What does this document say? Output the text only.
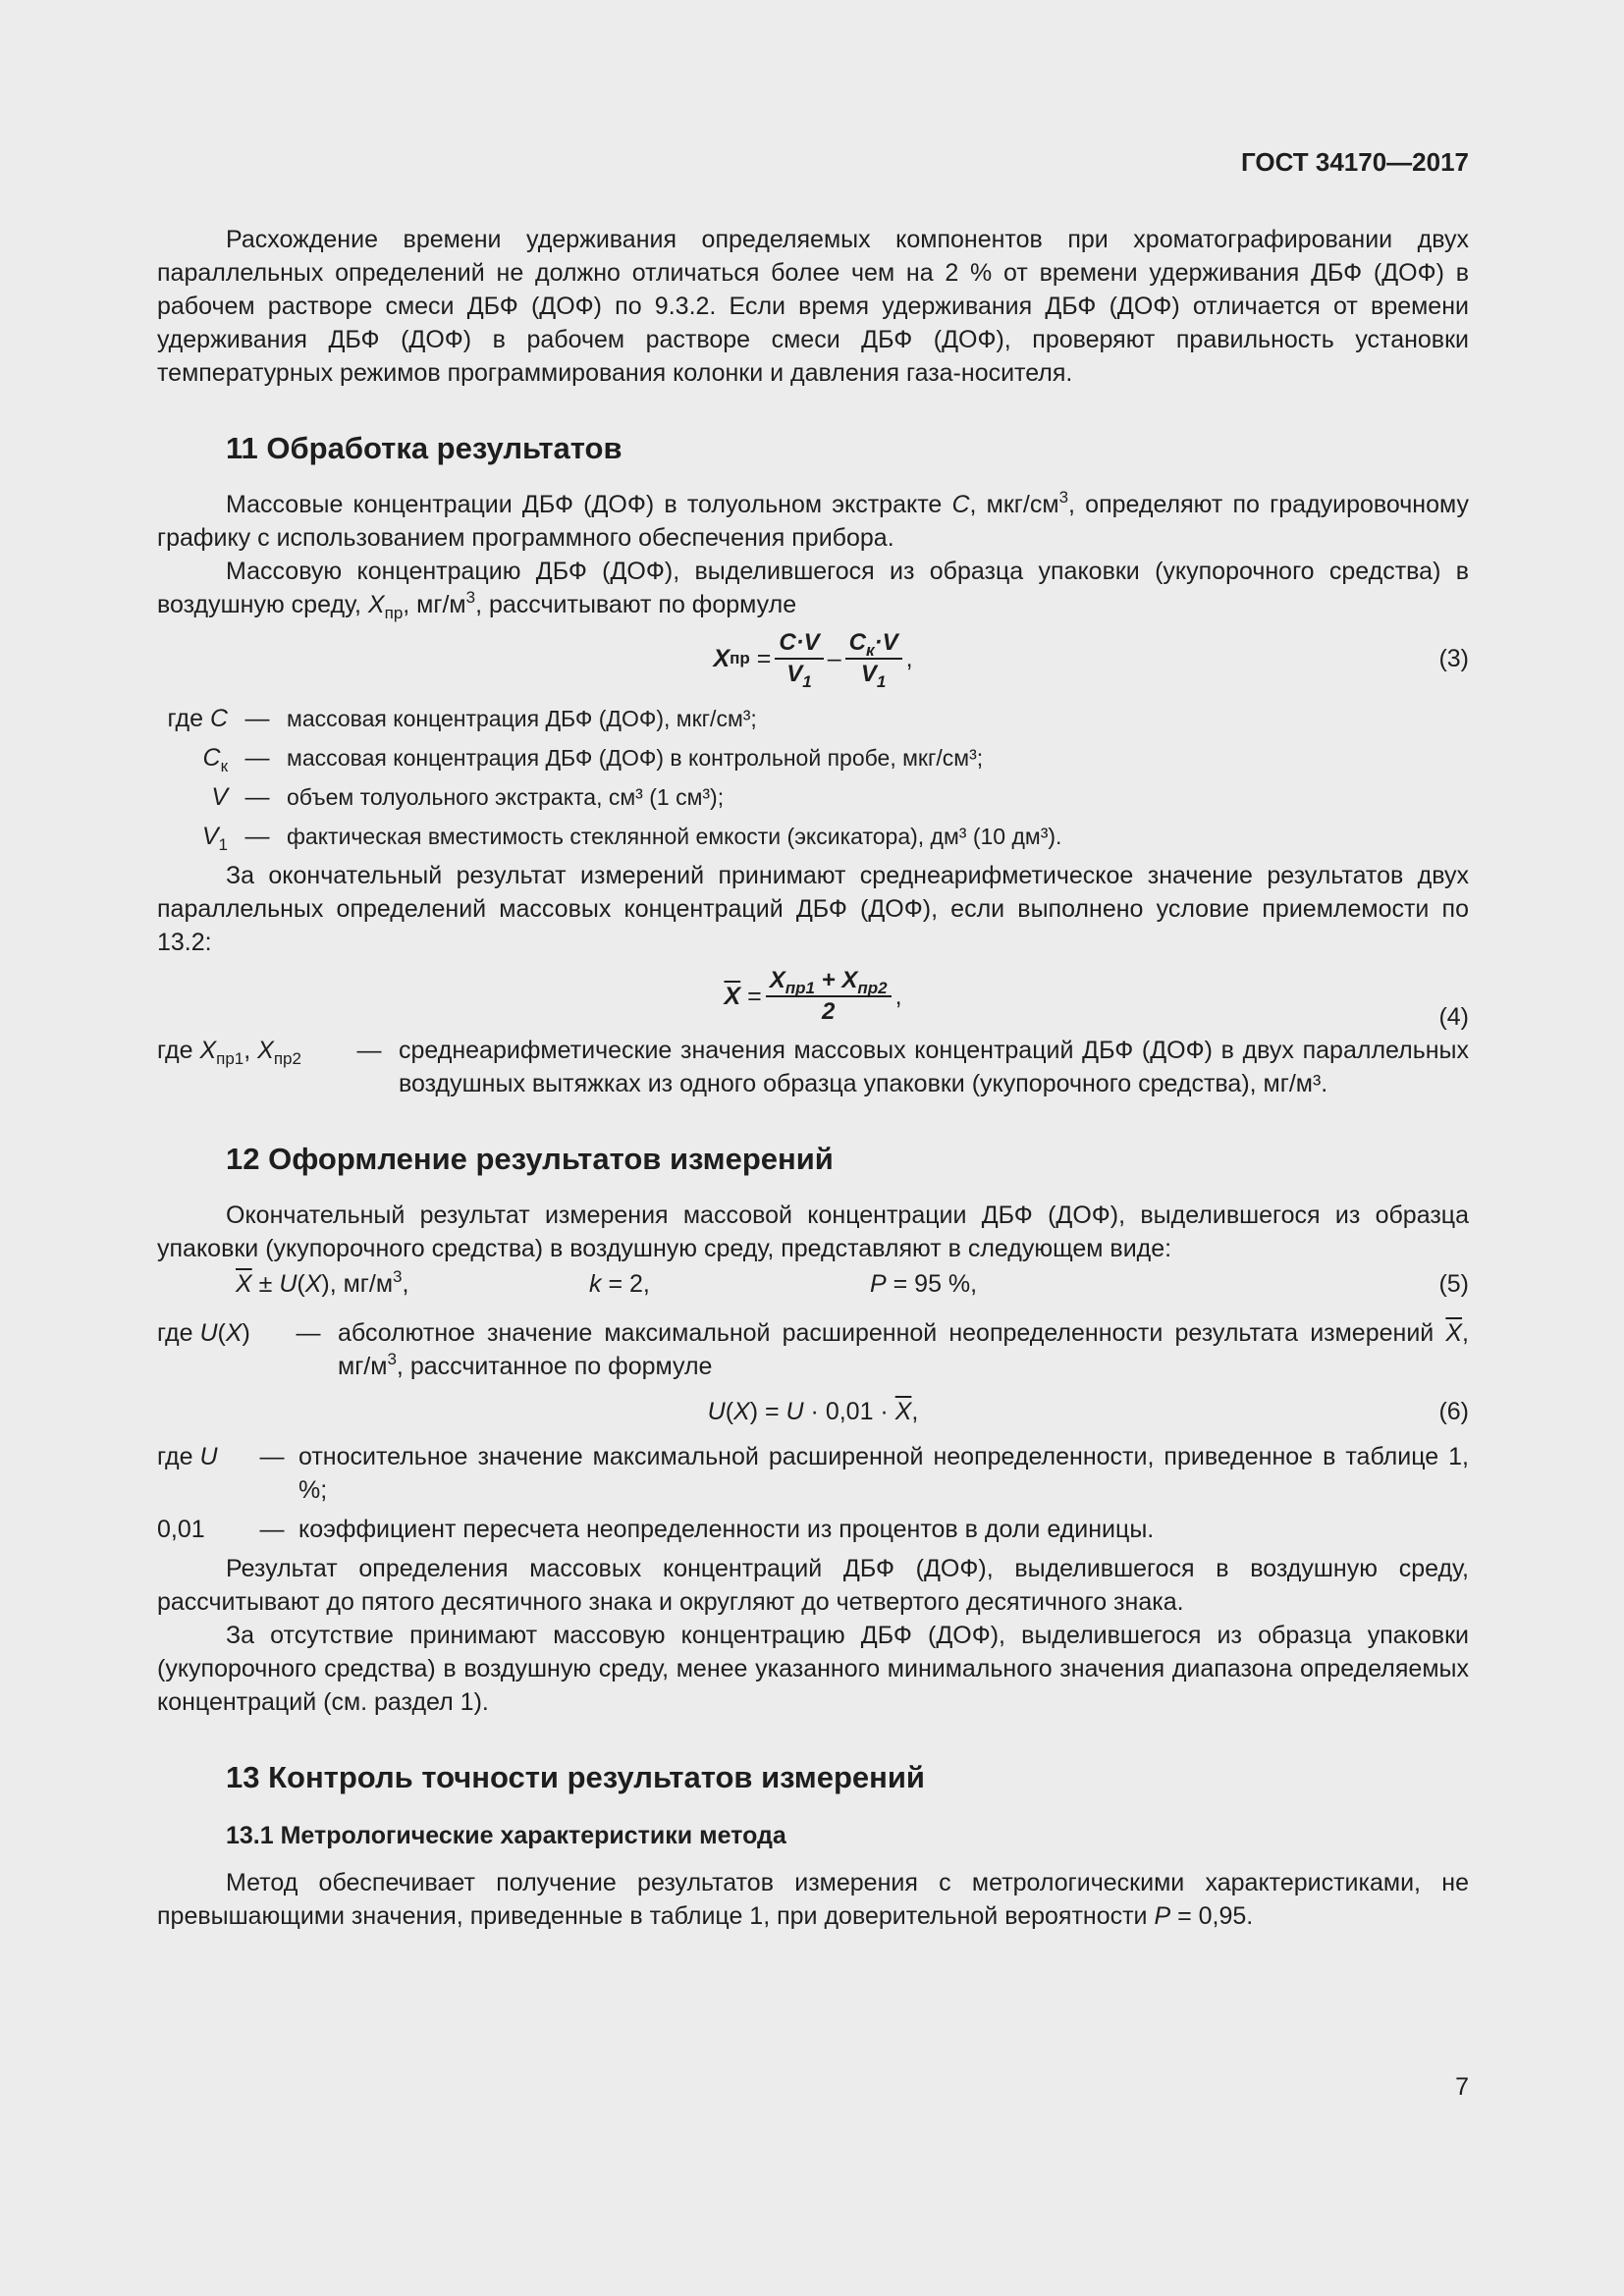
ГОСТ 34170—2017

Расхождение времени удерживания определяемых компонентов при хроматографировании двух параллельных определений не должно отличаться более чем на 2 % от времени удерживания ДБФ (ДОФ) в рабочем растворе смеси ДБФ (ДОФ) по 9.3.2. Если время удерживания ДБФ (ДОФ) отличается от времени удерживания ДБФ (ДОФ) в рабочем растворе смеси ДБФ (ДОФ), проверяют правильность установки температурных режимов программирования колонки и давления газа-носителя.

11 Обработка результатов

Массовые концентрации ДБФ (ДОФ) в толуольном экстракте C, мкг/$см^3$, определяют по градуировочному графику с использованием программного обеспечения прибора.

Массовую концентрацию ДБФ (ДОФ), выделившегося из образца упаковки (укупорочного средства) в воздушную среду, $X_{пр}$, $мг/м^3$, рассчитывают по формуле

X пр = $\frac{C\cdot V}{V_1} - \frac{C_к\cdot V}{V_1}$ ,	(3)
где C — массовая концентрация ДБФ (ДОФ), мкг/см³;
$C_к$ — массовая концентрация ДБФ (ДОФ) в контрольной пробе, мкг/см³;
V — объем толуольного экстракта, см³ (1 см³);
$V_1$ — фактическая вместимость стеклянной емкости (эксикатора), дм³ (10 дм³).

За окончательный результат измерений принимают среднеарифметическое значение результатов двух параллельных определений массовых концентраций ДБФ (ДОФ), если выполнено условие приемлемости по 13.2:

$\overline{X} = \frac{X_{пр1} + X_{пр2}}{2}$ ,
(4)
где $X_{пр1}$, $X_{пр2}$	— среднеарифметические значения массовых концентраций ДБФ (ДОФ) в двух параллельных воздушных вытяжках из одного образца упаковки (укупорочного средства), мг/м³.
12 Оформление результатов измерений

Окончательный результат измерения массовой концентрации ДБФ (ДОФ), выделившегося из образца упаковки (укупорочного средства) в воздушную среду, представляют в следующем виде:

$\overline{X} \pm U(X)$, $мг/м^3$,	k = 2,	P = 95 %,	(5)
где U(X)	— абсолютное значение максимальной расширенной неопределенности результата измерений $\overline{X}$, $мг/м^3$, рассчитанное по формуле
$U(X) = U \cdot 0,01 \cdot \overline{X}$,	(6)
где U	— относительное значение максимальной расширенной неопределенности, приведенное в таблице 1, %;
0,01	— коэффициент пересчета неопределенности из процентов в доли единицы.

Результат определения массовых концентраций ДБФ (ДОФ), выделившегося в воздушную среду, рассчитывают до пятого десятичного знака и округляют до четвертого десятичного знака.

За отсутствие принимают массовую концентрацию ДБФ (ДОФ), выделившегося из образца упаковки (укупорочного средства) в воздушную среду, менее указанного минимального значения диапазона определяемых концентраций (см. раздел 1).

13 Контроль точности результатов измерений
13.1 Метрологические характеристики метода

Метод обеспечивает получение результатов измерения с метрологическими характеристиками, не превышающими значения, приведенные в таблице 1, при доверительной вероятности P = 0,95.

7
